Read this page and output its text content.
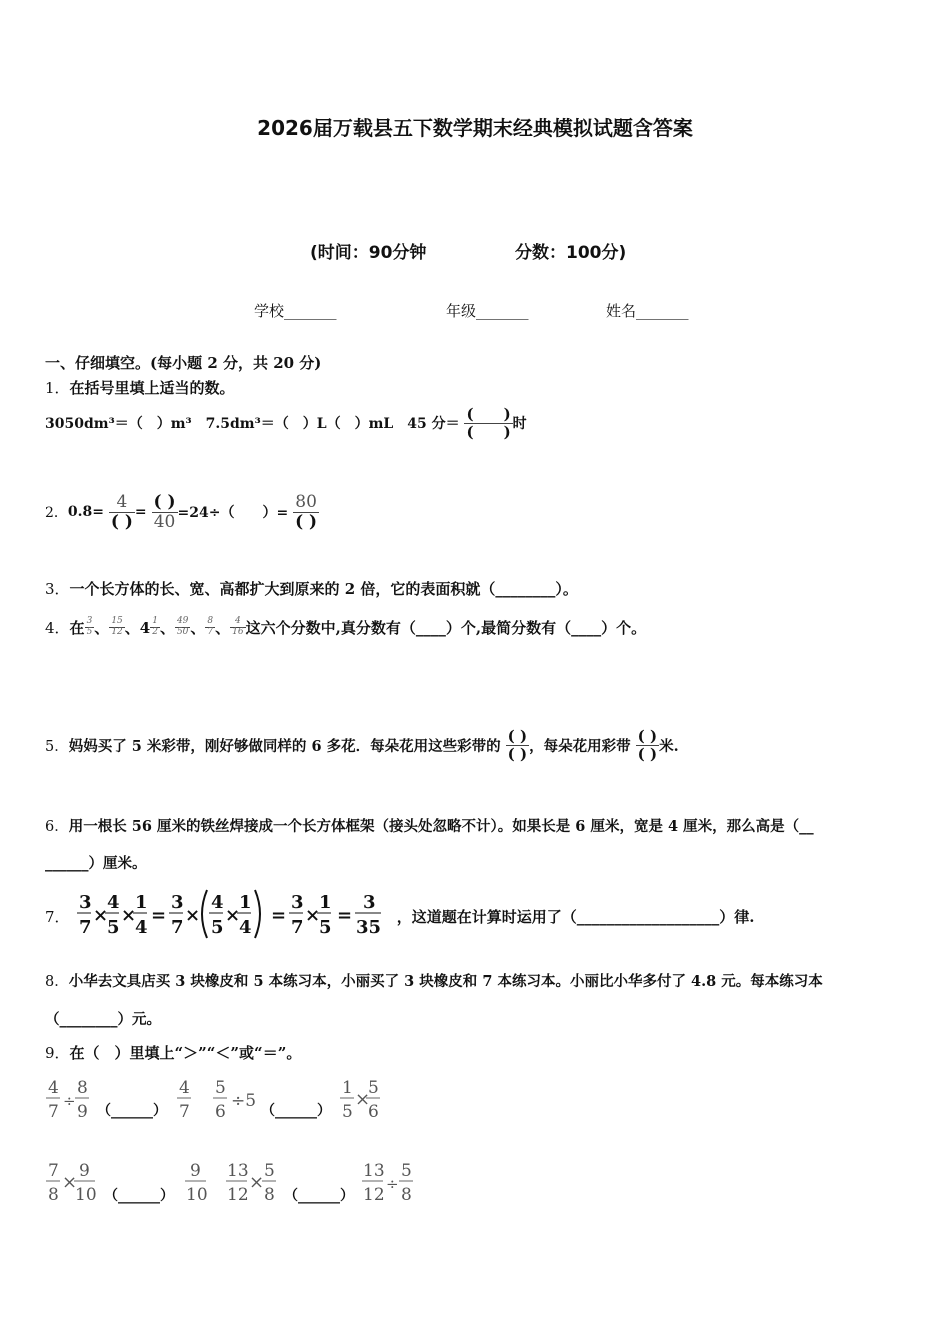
2026届万载县五下数学期末经典模拟试题含答案
(时间：90分钟	分数：100分)
学校_______	年级_______	姓名_______
一、仔细填空。(每小题 2 分，共 20 分)
1．在括号里填上适当的数。
3050dm³＝（　）m³　7.5dm³＝（　）L（　）mL　45 分＝ $\frac{( )}{( )}$ 时
2．$0.8= \frac{4}{( )} = \frac{( )}{40} =24\div$（　　）= $\frac{80}{( )}$
3．一个长方体的长、宽、高都扩大到原来的 2 倍，它的表面积就（________）。
4．在 $\frac{3}{5}$ 、 $\frac{15}{12}$ 、$4 \frac{1}{2}$ 、 $\frac{49}{50}$ 、 $\frac{8}{7}$ 、 $\frac{4}{16}$ 这六个分数中,真分数有（____）个,最简分数有（____）个。
5．妈妈买了 5 米彩带，刚好够做同样的 6 多花．每朵花用这些彩带的 $\frac{( )}{( )}$ ，每朵花用彩带 $\frac{( )}{( )}$ 米.
6．用一根长 56 厘米的铁丝焊接成一个长方体框架（接头处忽略不计）。如果长是 6 厘米，宽是 4 厘米，那么高是（__
______）厘米。
7．
3
7
×
4
5
×
1
4
=
3
7
×
4
5
×
1
4
=
3
7
×
1
5
=
3
35
，这道题在计算时运用了（___________________）律.
8．小华去文具店买 3 块橡皮和 5 本练习本，小丽买了 3 块橡皮和 7 本练习本。小丽比小华多付了 4.8 元。每本练习本
（________）元。
9．在（　）里填上“＞”“＜”或“＝”。
4
7
÷
8
9
4
7
5
6
÷5
1
5
×
5
6
（______）	（______）
7
8
×
9
10
9
10
13
12
×
5
8
13
12
÷
5
8
（______）	（______）
